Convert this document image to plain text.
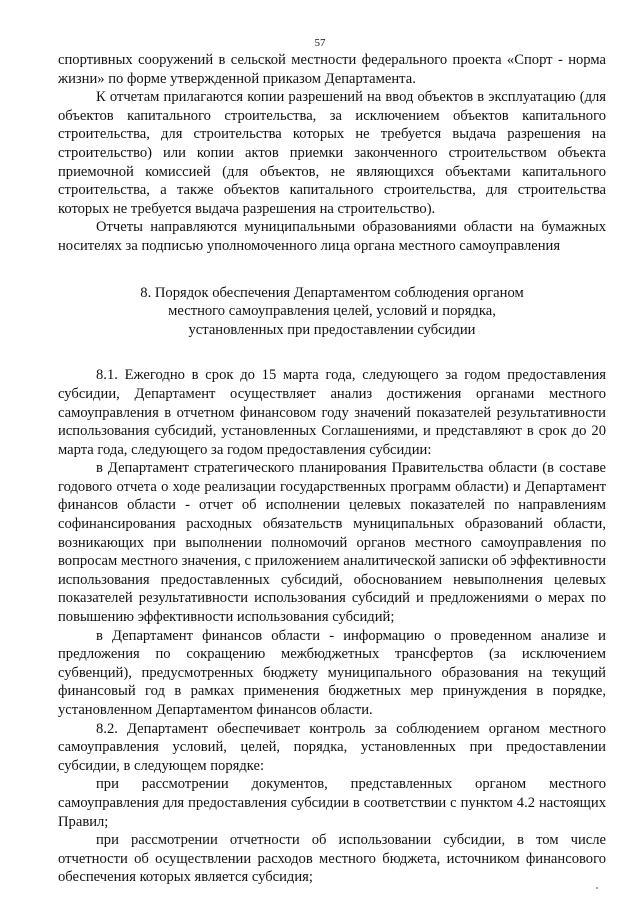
57

спортивных сооружений в сельской местности федерального проекта «Спорт - норма жизни» по форме утвержденной приказом Департамента.

К отчетам прилагаются копии разрешений на ввод объектов в эксплуатацию (для объектов капитального строительства, за исключением объектов капитального строительства, для строительства которых не требуется выдача разрешения на строительство) или копии актов приемки законченного строительством объекта приемочной комиссией (для объектов, не являющихся объектами капитального строительства, а также объектов капитального строительства, для строительства которых не требуется выдача разрешения на строительство).

Отчеты направляются муниципальными образованиями области на бумажных носителях за подписью уполномоченного лица органа местного самоуправления

8. Порядок обеспечения Департаментом соблюдения органом
местного самоуправления целей, условий и порядка,
установленных при предоставлении субсидии

8.1. Ежегодно в срок до 15 марта года, следующего за годом предоставления субсидии, Департамент осуществляет анализ достижения органами местного самоуправления в отчетном финансовом году значений показателей результативности использования субсидий, установленных Соглашениями, и представляют в срок до 20 марта года, следующего за годом предоставления субсидии:

в Департамент стратегического планирования Правительства области (в составе годового отчета о ходе реализации государственных программ области) и Департамент финансов области - отчет об исполнении целевых показателей по направлениям софинансирования расходных обязательств муниципальных образований области, возникающих при выполнении полномочий органов местного самоуправления по вопросам местного значения, с приложением аналитической записки об эффективности использования предоставленных субсидий, обоснованием невыполнения целевых показателей результативности использования субсидий и предложениями о мерах по повышению эффективности использования субсидий;

в Департамент финансов области - информацию о проведенном анализе и предложения по сокращению межбюджетных трансфертов (за исключением субвенций), предусмотренных бюджету муниципального образования на текущий финансовый год в рамках применения бюджетных мер принуждения в порядке, установленном Департаментом финансов области.

8.2. Департамент обеспечивает контроль за соблюдением органом местного самоуправления условий, целей, порядка, установленных при предоставлении субсидии, в следующем порядке:

при рассмотрении документов, представленных органом местного самоуправления для предоставления субсидии в соответствии с пунктом 4.2 настоящих Правил;

при рассмотрении отчетности об использовании субсидии, в том числе отчетности об осуществлении расходов местного бюджета, источником финансового обеспечения которых является субсидия;
